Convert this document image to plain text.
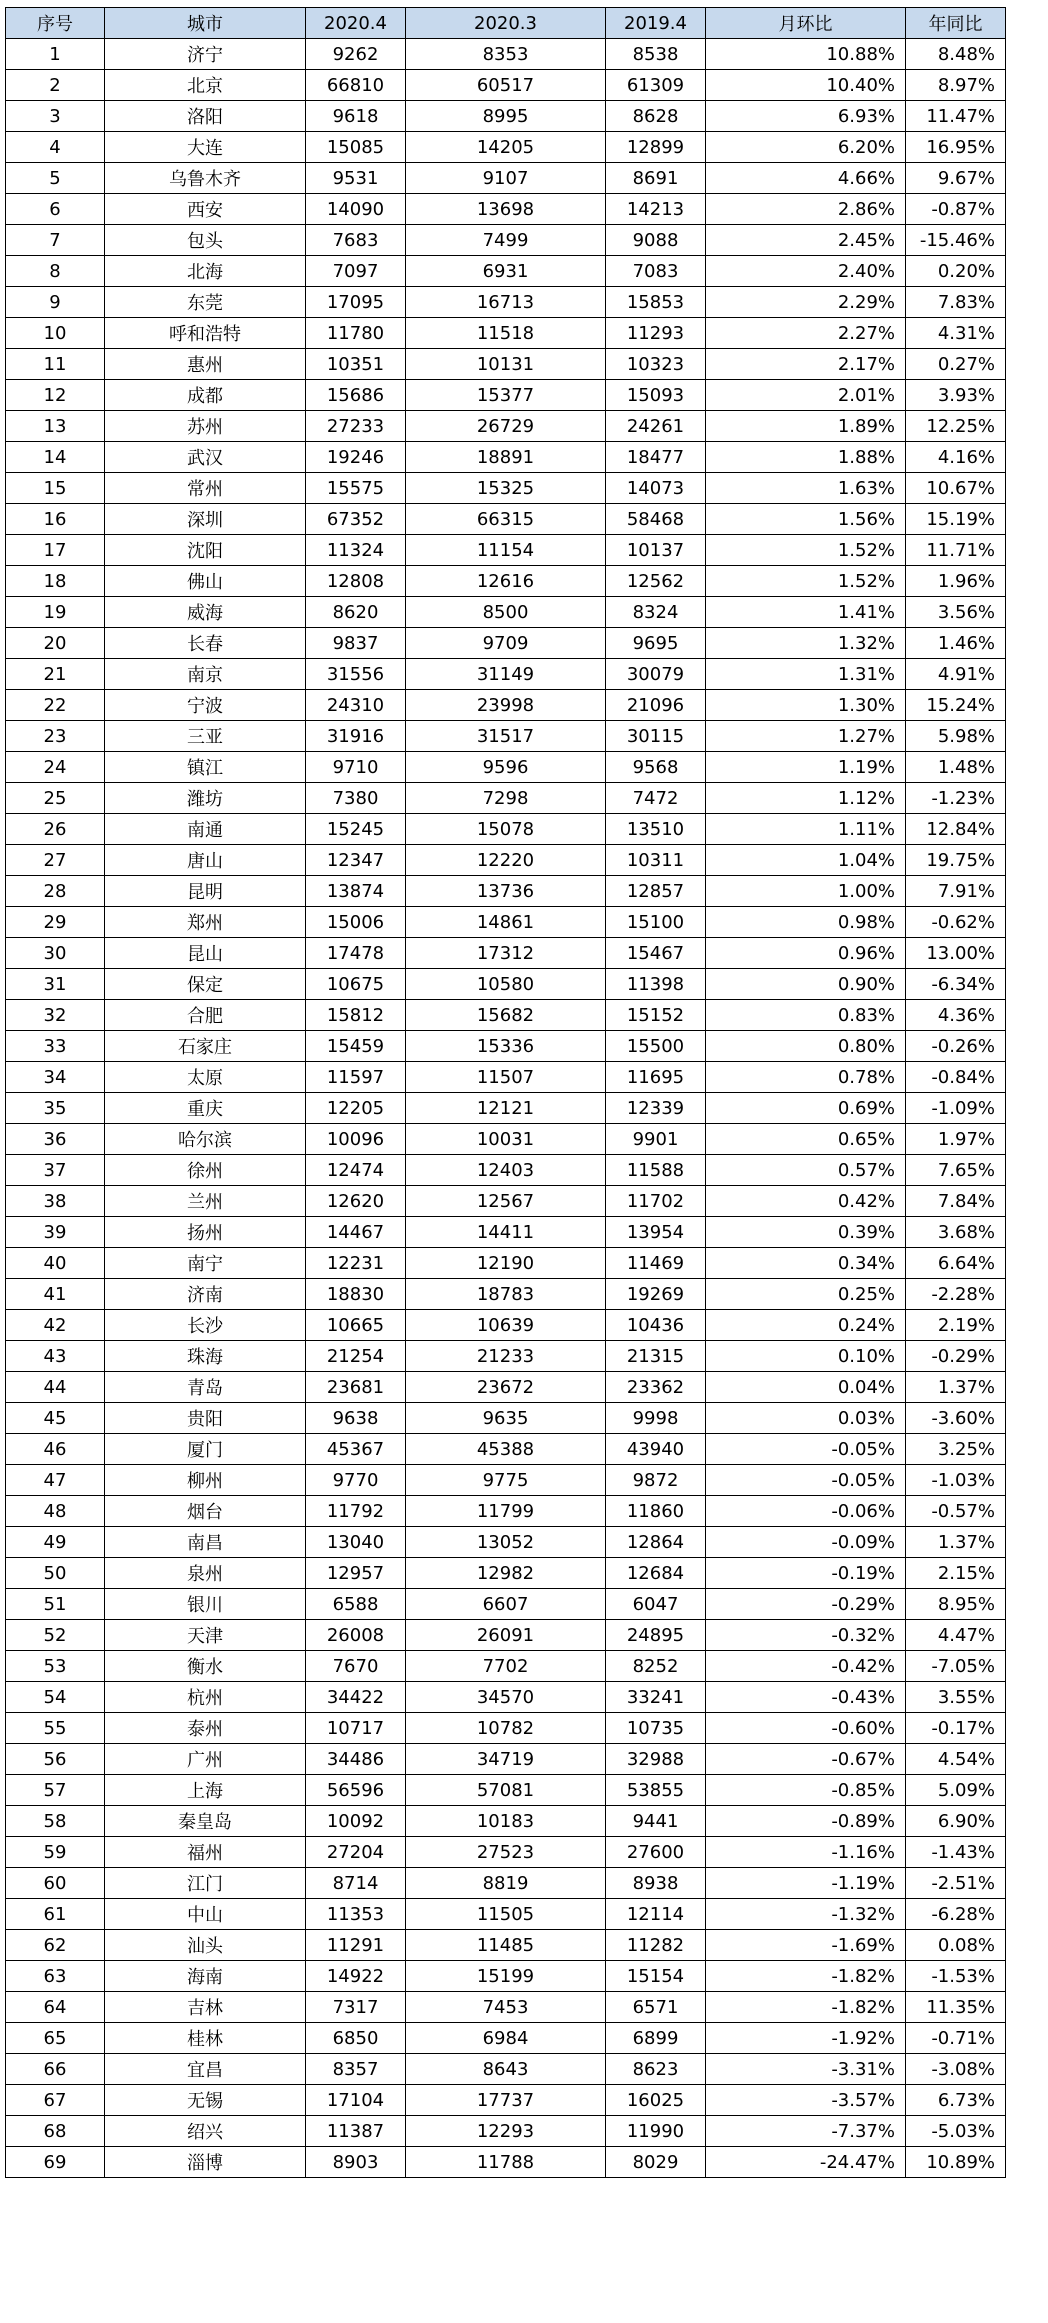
序号	城市	2020.4	2020.3	2019.4	月环比	年同比
1	济宁	9262	8353	8538	10.88%	8.48%
2	北京	66810	60517	61309	10.40%	8.97%
3	洛阳	9618	8995	8628	6.93%	11.47%
4	大连	15085	14205	12899	6.20%	16.95%
5	乌鲁木齐	9531	9107	8691	4.66%	9.67%
6	西安	14090	13698	14213	2.86%	-0.87%
7	包头	7683	7499	9088	2.45%	-15.46%
8	北海	7097	6931	7083	2.40%	0.20%
9	东莞	17095	16713	15853	2.29%	7.83%
10	呼和浩特	11780	11518	11293	2.27%	4.31%
11	惠州	10351	10131	10323	2.17%	0.27%
12	成都	15686	15377	15093	2.01%	3.93%
13	苏州	27233	26729	24261	1.89%	12.25%
14	武汉	19246	18891	18477	1.88%	4.16%
15	常州	15575	15325	14073	1.63%	10.67%
16	深圳	67352	66315	58468	1.56%	15.19%
17	沈阳	11324	11154	10137	1.52%	11.71%
18	佛山	12808	12616	12562	1.52%	1.96%
19	威海	8620	8500	8324	1.41%	3.56%
20	长春	9837	9709	9695	1.32%	1.46%
21	南京	31556	31149	30079	1.31%	4.91%
22	宁波	24310	23998	21096	1.30%	15.24%
23	三亚	31916	31517	30115	1.27%	5.98%
24	镇江	9710	9596	9568	1.19%	1.48%
25	潍坊	7380	7298	7472	1.12%	-1.23%
26	南通	15245	15078	13510	1.11%	12.84%
27	唐山	12347	12220	10311	1.04%	19.75%
28	昆明	13874	13736	12857	1.00%	7.91%
29	郑州	15006	14861	15100	0.98%	-0.62%
30	昆山	17478	17312	15467	0.96%	13.00%
31	保定	10675	10580	11398	0.90%	-6.34%
32	合肥	15812	15682	15152	0.83%	4.36%
33	石家庄	15459	15336	15500	0.80%	-0.26%
34	太原	11597	11507	11695	0.78%	-0.84%
35	重庆	12205	12121	12339	0.69%	-1.09%
36	哈尔滨	10096	10031	9901	0.65%	1.97%
37	徐州	12474	12403	11588	0.57%	7.65%
38	兰州	12620	12567	11702	0.42%	7.84%
39	扬州	14467	14411	13954	0.39%	3.68%
40	南宁	12231	12190	11469	0.34%	6.64%
41	济南	18830	18783	19269	0.25%	-2.28%
42	长沙	10665	10639	10436	0.24%	2.19%
43	珠海	21254	21233	21315	0.10%	-0.29%
44	青岛	23681	23672	23362	0.04%	1.37%
45	贵阳	9638	9635	9998	0.03%	-3.60%
46	厦门	45367	45388	43940	-0.05%	3.25%
47	柳州	9770	9775	9872	-0.05%	-1.03%
48	烟台	11792	11799	11860	-0.06%	-0.57%
49	南昌	13040	13052	12864	-0.09%	1.37%
50	泉州	12957	12982	12684	-0.19%	2.15%
51	银川	6588	6607	6047	-0.29%	8.95%
52	天津	26008	26091	24895	-0.32%	4.47%
53	衡水	7670	7702	8252	-0.42%	-7.05%
54	杭州	34422	34570	33241	-0.43%	3.55%
55	泰州	10717	10782	10735	-0.60%	-0.17%
56	广州	34486	34719	32988	-0.67%	4.54%
57	上海	56596	57081	53855	-0.85%	5.09%
58	秦皇岛	10092	10183	9441	-0.89%	6.90%
59	福州	27204	27523	27600	-1.16%	-1.43%
60	江门	8714	8819	8938	-1.19%	-2.51%
61	中山	11353	11505	12114	-1.32%	-6.28%
62	汕头	11291	11485	11282	-1.69%	0.08%
63	海南	14922	15199	15154	-1.82%	-1.53%
64	吉林	7317	7453	6571	-1.82%	11.35%
65	桂林	6850	6984	6899	-1.92%	-0.71%
66	宜昌	8357	8643	8623	-3.31%	-3.08%
67	无锡	17104	17737	16025	-3.57%	6.73%
68	绍兴	11387	12293	11990	-7.37%	-5.03%
69	淄博	8903	11788	8029	-24.47%	10.89%
